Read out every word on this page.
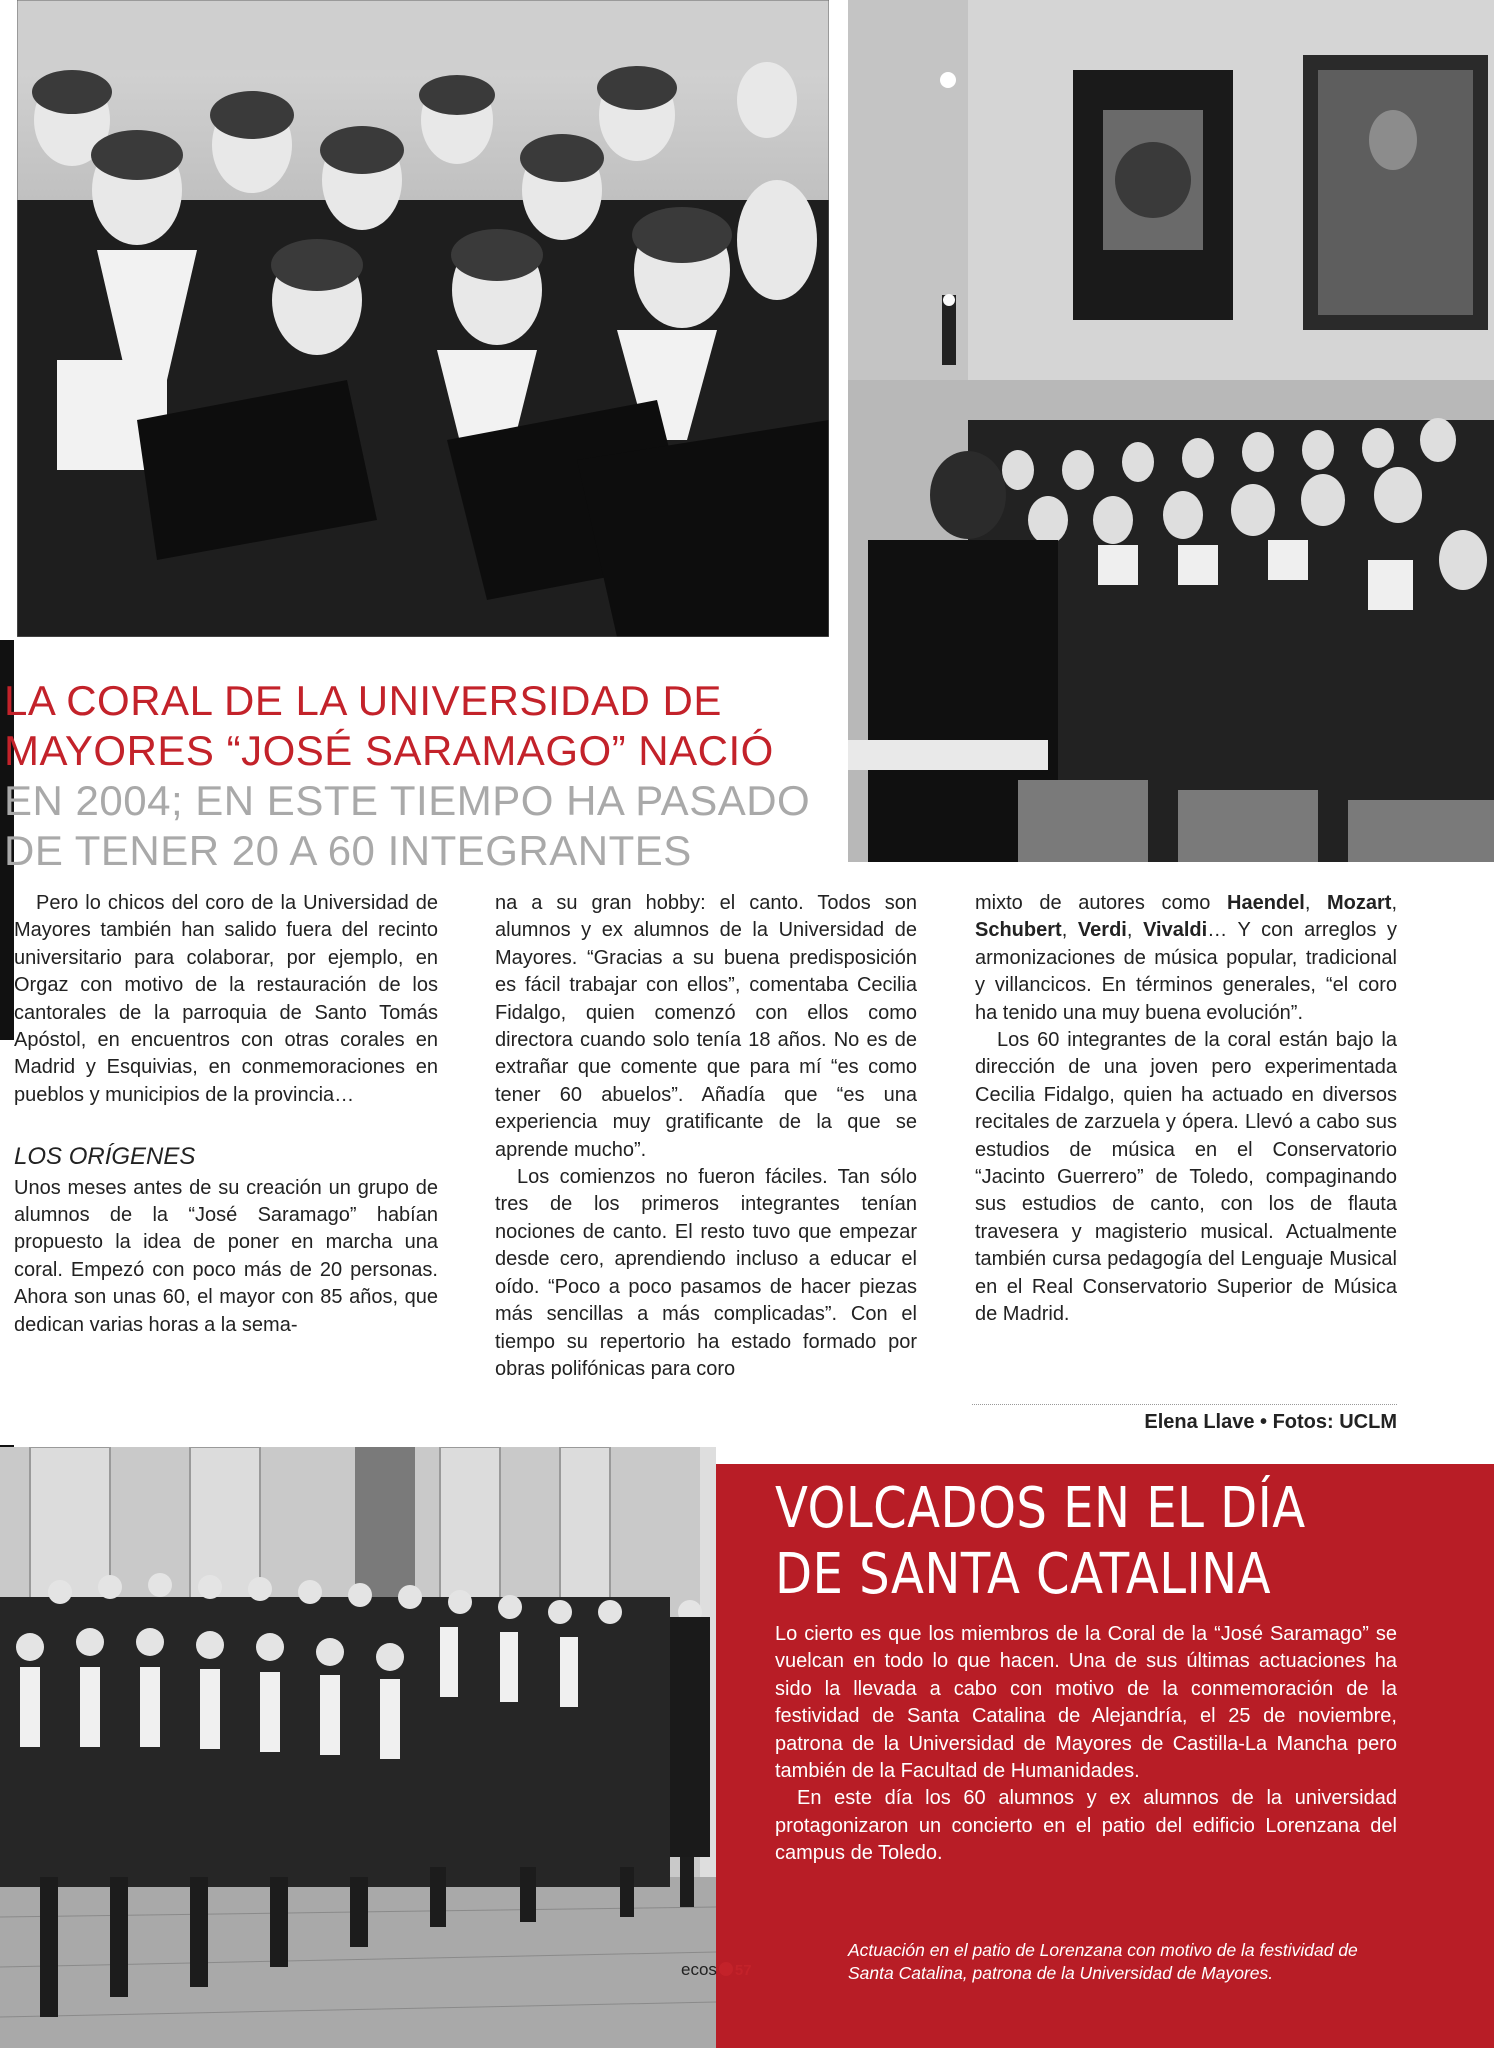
LA CORAL DE LA UNIVERSIDAD DE
MAYORES “JOSÉ SARAMAGO” NACIÓ
EN 2004; EN ESTE TIEMPO HA PASADO
DE TENER 20 A 60 INTEGRANTES

Pero lo chicos del coro de la Universidad de Mayores también han salido fuera del recinto universitario para colaborar, por ejemplo, en Orgaz con motivo de la restauración de los cantorales de la parroquia de Santo Tomás Apóstol, en encuentros con otras corales en Madrid y Esquivias, en conmemoraciones en pueblos y municipios de la provincia…

LOS ORÍGENES

Unos meses antes de su creación un grupo de alumnos de la “José Saramago” habían propuesto la idea de poner en marcha una coral. Empezó con poco más de 20 personas. Ahora son unas 60, el mayor con 85 años, que dedican varias horas a la sema-

na a su gran hobby: el canto. Todos son alumnos y ex alumnos de la Universidad de Mayores. “Gracias a su buena predisposición es fácil trabajar con ellos”, comentaba Cecilia Fidalgo, quien comenzó con ellos como directora cuando solo tenía 18 años. No es de extrañar que comente que para mí “es como tener 60 abuelos”. Añadía que “es una experiencia muy gratificante de la que se aprende mucho”.

Los comienzos no fueron fáciles. Tan sólo tres de los primeros integrantes tenían nociones de canto. El resto tuvo que empezar desde cero, aprendiendo incluso a educar el oído. “Poco a poco pasamos de hacer piezas más sencillas a más complicadas”. Con el tiempo su repertorio ha estado formado por obras polifónicas para coro

mixto de autores como Haendel, Mozart, Schubert, Verdi, Vivaldi… Y con arreglos y armonizaciones de música popular, tradicional y villancicos. En términos generales, “el coro ha tenido una muy buena evolución”.

Los 60 integrantes de la coral están bajo la dirección de una joven pero experimentada Cecilia Fidalgo, quien ha actuado en diversos recitales de zarzuela y ópera. Llevó a cabo sus estudios de música en el Conservatorio “Jacinto Guerrero” de Toledo, compaginando sus estudios de canto, con los de flauta travesera y magisterio musical. Actualmente también cursa pedagogía del Lenguaje Musical en el Real Conservatorio Superior de Música de Madrid.

Elena Llave • Fotos: UCLM
VOLCADOS EN EL DÍA
DE SANTA CATALINA

Lo cierto es que los miembros de la Coral de la “José Saramago” se vuelcan en todo lo que hacen. Una de sus últimas actuaciones ha sido la llevada a cabo con motivo de la conmemoración de la festividad de Santa Catalina de Alejandría, el 25 de noviembre, patrona de la Universidad de Mayores de Castilla-La Mancha pero también de la Facultad de Humanidades.

En este día los 60 alumnos y ex alumnos de la universidad protagonizaron un concierto en el patio del edificio Lorenzana del campus de Toledo.

Actuación en el patio de Lorenzana con motivo de la festividad de Santa Catalina, patrona de la Universidad de Mayores.
ecos 57
